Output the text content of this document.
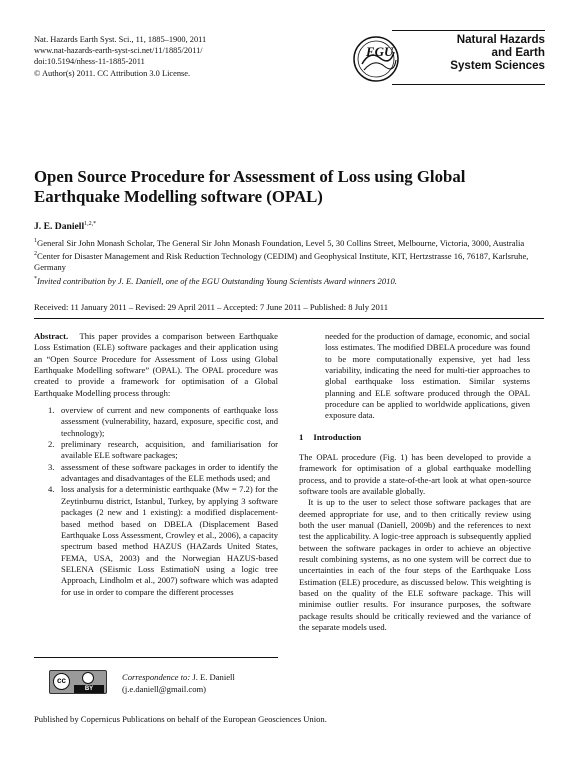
Nat. Hazards Earth Syst. Sci., 11, 1885–1900, 2011
www.nat-hazards-earth-syst-sci.net/11/1885/2011/
doi:10.5194/nhess-11-1885-2011
© Author(s) 2011. CC Attribution 3.0 License.
EGU
Natural Hazards
and Earth
System Sciences
Open Source Procedure for Assessment of Loss using Global Earthquake Modelling software (OPAL)
J. E. Daniell$^{1,2,*}$

$^1$General Sir John Monash Scholar, The General Sir John Monash Foundation, Level 5, 30 Collins Street, Melbourne, Victoria, 3000, Australia

$^2$Center for Disaster Management and Risk Reduction Technology (CEDIM) and Geophysical Institute, KIT, Hertzstrasse 16, 76187, Karlsruhe, Germany

*Invited contribution by J. E. Daniell, one of the EGU Outstanding Young Scientists Award winners 2010.

Received: 11 January 2011 – Revised: 29 April 2011 – Accepted: 7 June 2011 – Published: 8 July 2011

Abstract. This paper provides a comparison between Earthquake Loss Estimation (ELE) software packages and their application using an “Open Source Procedure for Assessment of Loss using Global Earthquake Modelling software” (OPAL). The OPAL procedure was created to provide a framework for optimisation of a Global Earthquake Modelling process through:

1. overview of current and new components of earthquake loss assessment (vulnerability, hazard, exposure, specific cost, and technology);
2. preliminary research, acquisition, and familiarisation for available ELE software packages;
3. assessment of these software packages in order to identify the advantages and disadvantages of the ELE methods used; and
4. loss analysis for a deterministic earthquake (Mw = 7.2) for the Zeytinburnu district, Istanbul, Turkey, by applying 3 software packages (2 new and 1 existing): a modified displacement-based method based on DBELA (Displacement Based Earthquake Loss Assessment, Crowley et al., 2006), a capacity spectrum based method HAZUS (HAZards United States, FEMA, USA, 2003) and the Norwegian HAZUS-based SELENA (SEismic Loss EstimatioN using a logic tree Approach, Lindholm et al., 2007) software which was adapted for use in order to compare the different processes
needed for the production of damage, economic, and social loss estimates. The modified DBELA procedure was found to be more computationally expensive, yet had less variability, indicating the need for multi-tier approaches to global earthquake loss estimation. Similar systems planning and ELE software produced through the OPAL procedure can be applied to worldwide applications, given exposure data.
1 Introduction

The OPAL procedure (Fig. 1) has been developed to provide a framework for optimisation of a global earthquake modelling process, and to provide a state-of-the-art look at what open-source software tools are available globally.

It is up to the user to select those software packages that are deemed appropriate for use, and to then critically review using both the user manual (Daniell, 2009b) and the references to next test the applicability. A logic-tree approach is subsequently applied between the software packages in order to achieve an objective result combining systems, as no one system will be correct due to uncertainties in each of the four steps of the Earthquake Loss Estimation (ELE) procedure, as discussed below. This weighting is based on the quality of the ELE software package. This will minimise outlier results. For insurance purposes, the software package results should be critically reviewed and the variance of the separate models used.

cc
BY
Correspondence to: J. E. Daniell
(j.e.daniell@gmail.com)
Published by Copernicus Publications on behalf of the European Geosciences Union.
